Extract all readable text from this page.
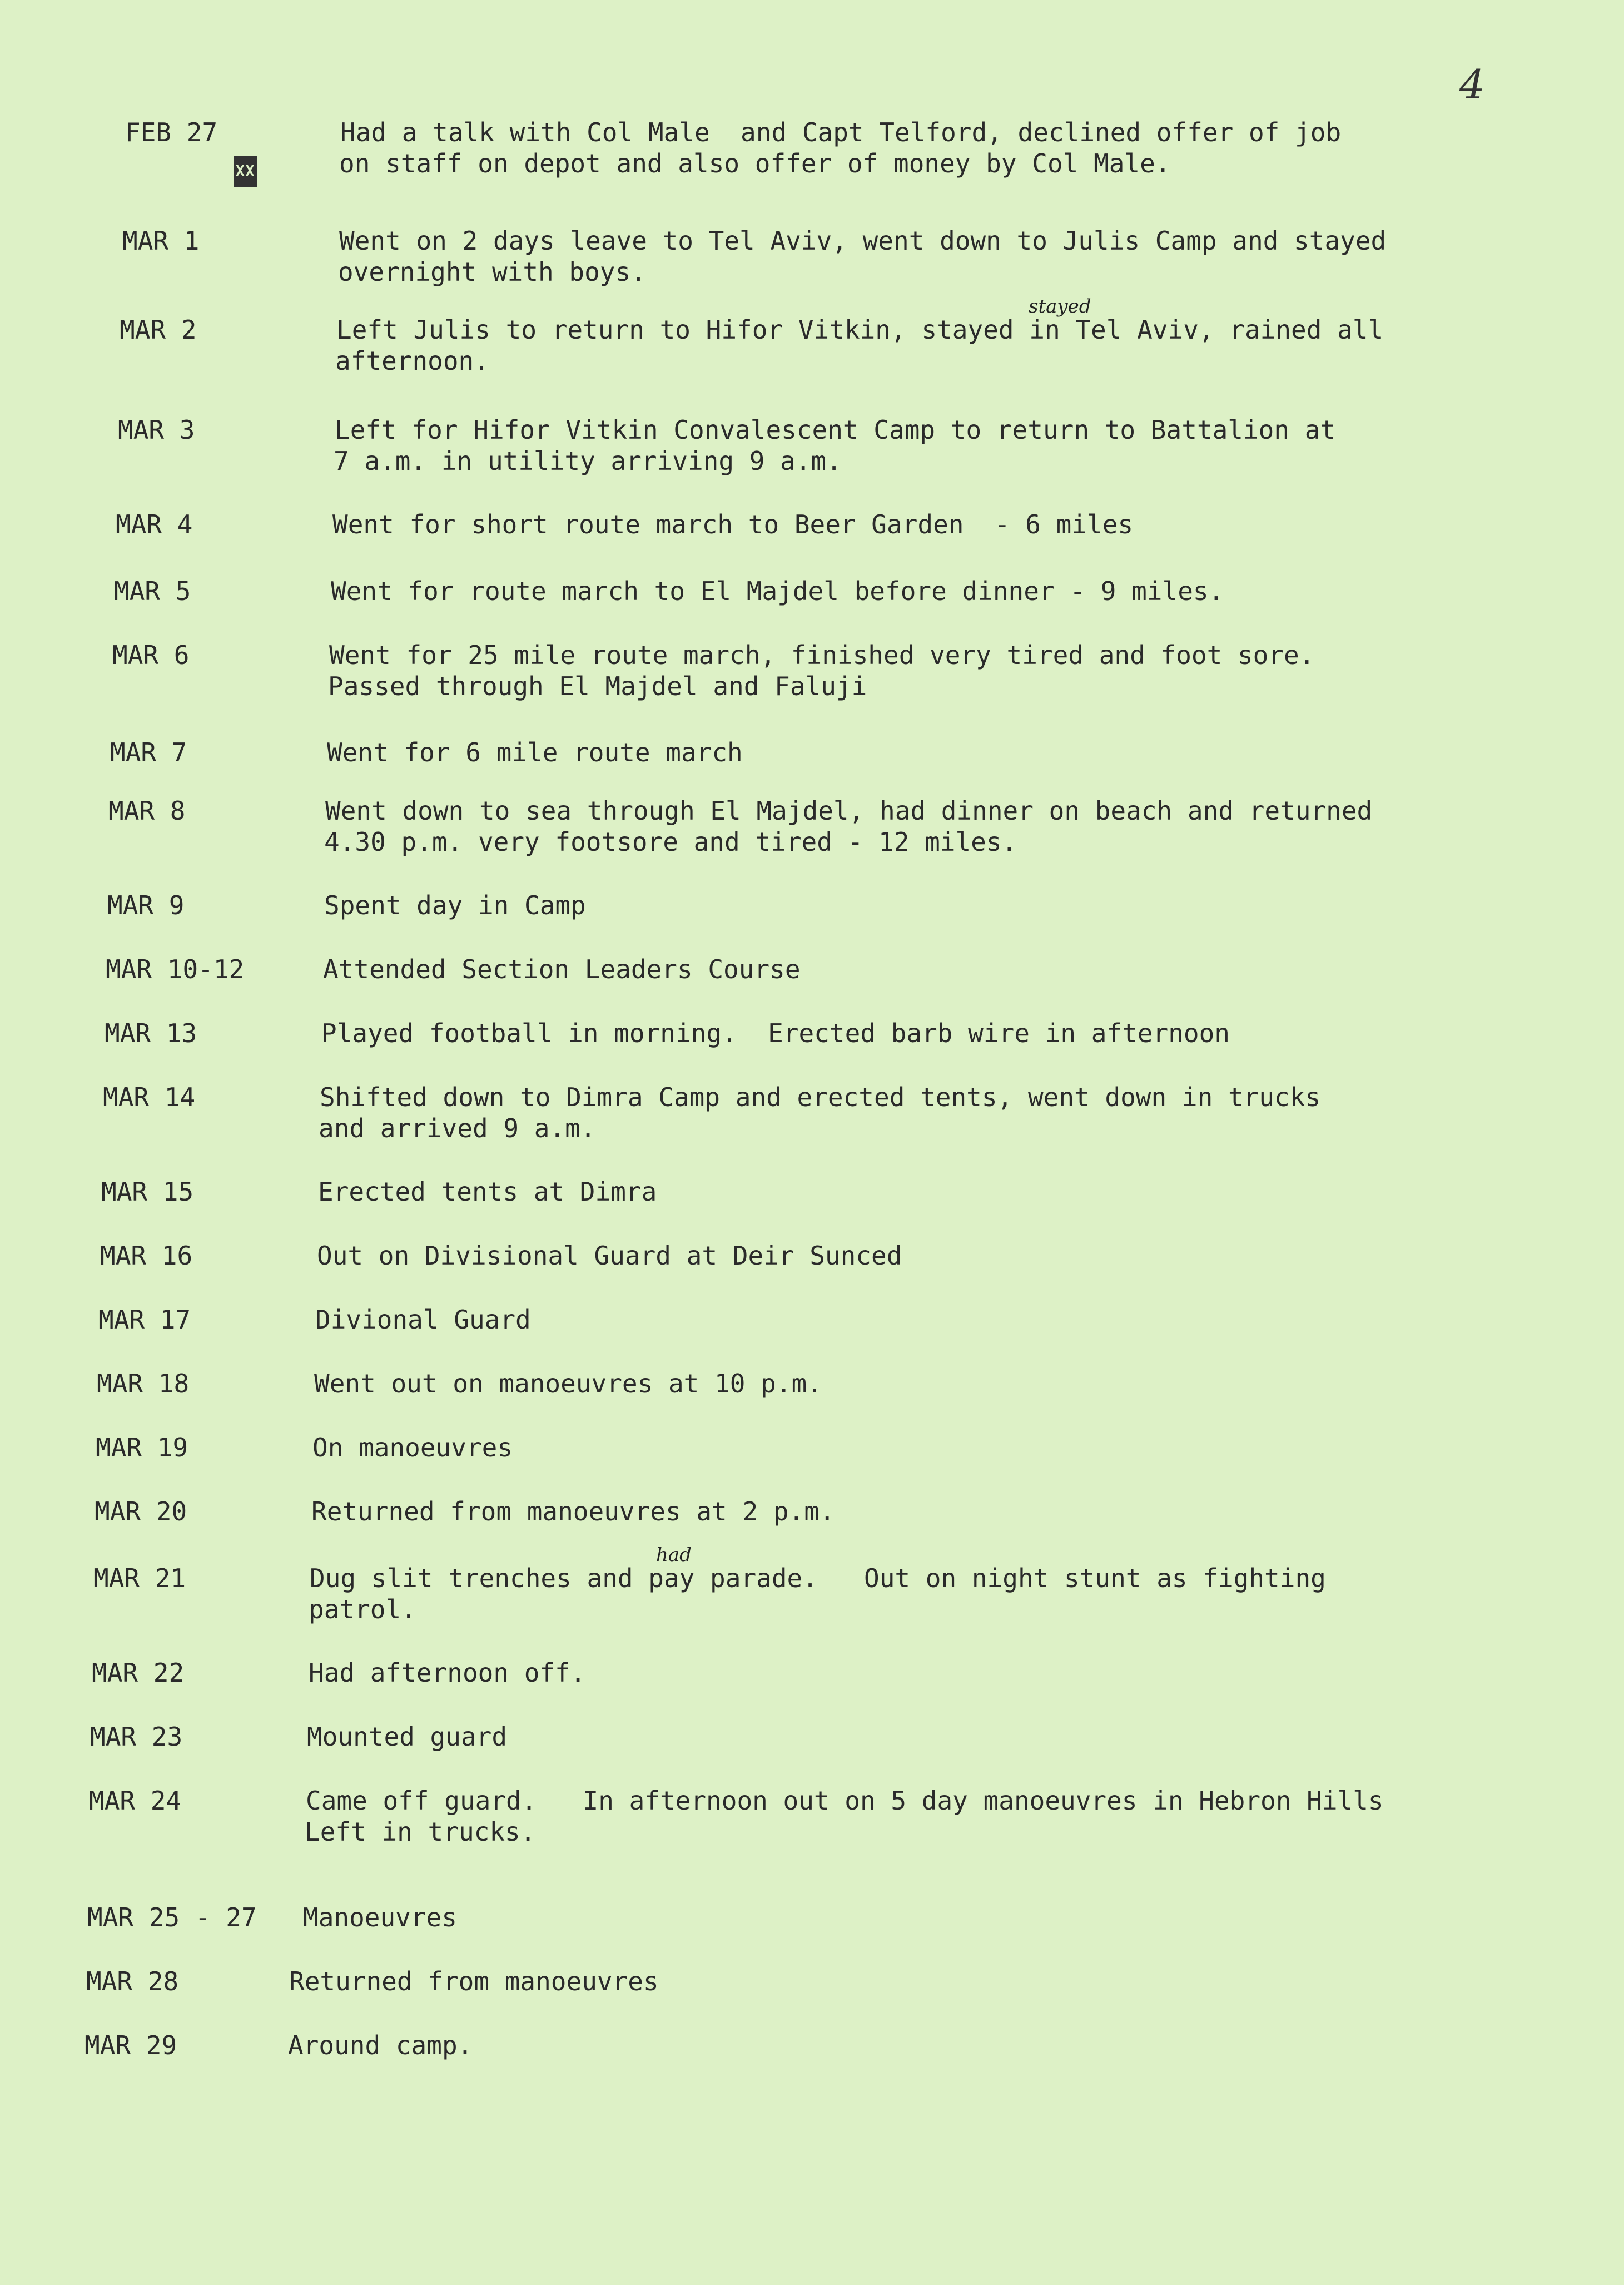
4
FEB 27	Had a talk with Col Male  and Capt Telford, declined offer of job
on staff on depot and also offer of money by Col Male.
XX
MAR 1	Went on 2 days leave to Tel Aviv, went down to Julis Camp and stayed
overnight with boys.
MAR 2	Left Julis to return to Hifor Vitkin, stayed in Tel Aviv, rained all
afternoon.
stayed
MAR 3	Left for Hifor Vitkin Convalescent Camp to return to Battalion at
7 a.m. in utility arriving 9 a.m.
MAR 4	Went for short route march to Beer Garden  - 6 miles
MAR 5	Went for route march to El Majdel before dinner - 9 miles.
MAR 6	Went for 25 mile route march, finished very tired and foot sore.
Passed through El Majdel and Faluji
MAR 7	Went for 6 mile route march
MAR 8	Went down to sea through El Majdel, had dinner on beach and returned
4.30 p.m. very footsore and tired - 12 miles.
MAR 9	Spent day in Camp
MAR 10-12	Attended Section Leaders Course
MAR 13	Played football in morning.  Erected barb wire in afternoon
MAR 14	Shifted down to Dimra Camp and erected tents, went down in trucks
and arrived 9 a.m.
MAR 15	Erected tents at Dimra
MAR 16	Out on Divisional Guard at Deir Sunced
MAR 17	Divional Guard
MAR 18	Went out on manoeuvres at 10 p.m.
MAR 19	On manoeuvres
MAR 20	Returned from manoeuvres at 2 p.m.
MAR 21	Dug slit trenches and pay parade.   Out on night stunt as fighting
patrol.
had
MAR 22	Had afternoon off.
MAR 23	Mounted guard
MAR 24	Came off guard.   In afternoon out on 5 day manoeuvres in Hebron Hills
Left in trucks.
MAR 25 - 27 Manoeuvres
MAR 28	Returned from manoeuvres
MAR 29	Around camp.
